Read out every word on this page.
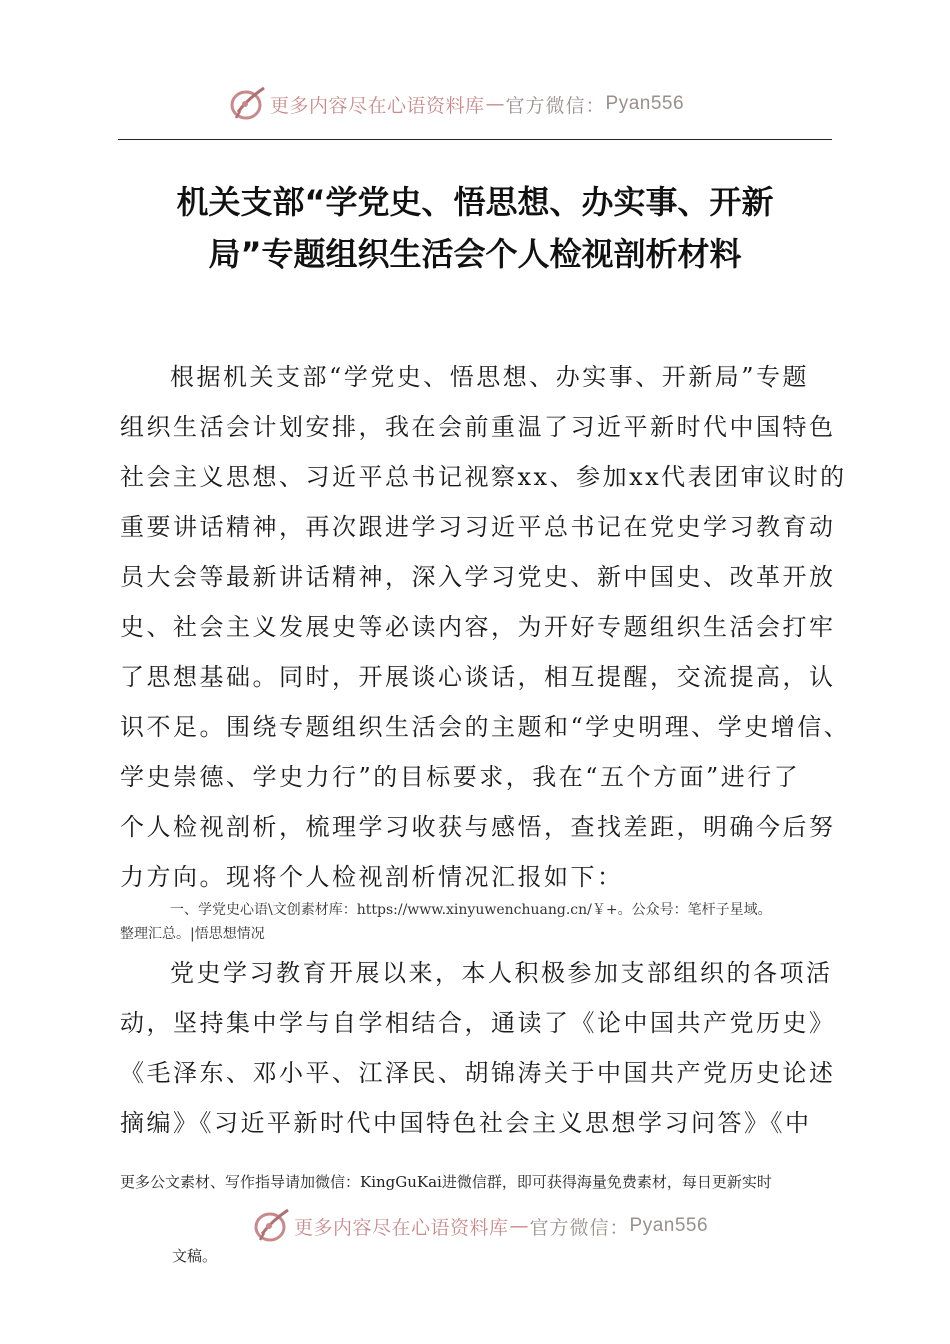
更多内容尽在心语资料库 — 官方微信： Pyan556
机关支部“学党史、悟思想、办实事、开新
局”专题组织生活会个人检视剖析材料
根据机关支部“学党史、悟思想、办实事、开新局”专题
组织生活会计划安排，我在会前重温了习近平新时代中国特色
社会主义思想、习近平总书记视察xx、参加xx代表团审议时的
重要讲话精神，再次跟进学习习近平总书记在党史学习教育动
员大会等最新讲话精神，深入学习党史、新中国史、改革开放
史、社会主义发展史等必读内容，为开好专题组织生活会打牢
了思想基础。同时，开展谈心谈话，相互提醒，交流提高，认
识不足。围绕专题组织生活会的主题和“学史明理、学史增信、
学史崇德、学史力行”的目标要求，我在“五个方面”进行了
个人检视剖析，梳理学习收获与感悟，查找差距，明确今后努
力方向。现将个人检视剖析情况汇报如下：
一、学党史心语\文创素材库：https://www.xinyuwenchuang.cn/￥+。公众号：笔杆子星域。
整理汇总。|悟思想情况
党史学习教育开展以来，本人积极参加支部组织的各项活
动，坚持集中学与自学相结合，通读了《论中国共产党历史》
《毛泽东、邓小平、江泽民、胡锦涛关于中国共产党历史论述
摘编》《习近平新时代中国特色社会主义思想学习问答》《中
更多公文素材、写作指导请加微信：KingGuKai进微信群，即可获得海量免费素材，每日更新实时
更多内容尽在心语资料库 — 官方微信： Pyan556
文稿。
